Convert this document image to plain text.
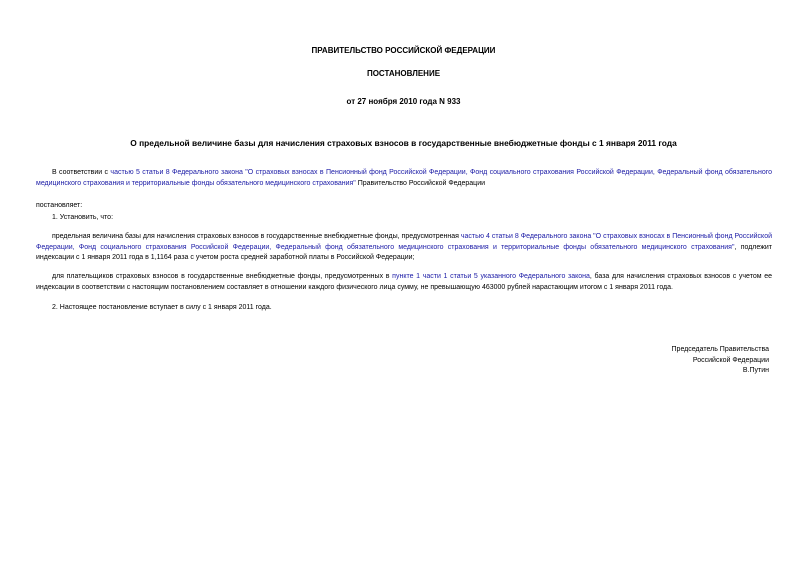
ПРАВИТЕЛЬСТВО РОССИЙСКОЙ ФЕДЕРАЦИИ
ПОСТАНОВЛЕНИЕ
от 27 ноября 2010 года N 933
О предельной величине базы для начисления страховых взносов в государственные внебюджетные фонды с 1 января 2011 года
В соответствии с частью 5 статьи 8 Федерального закона "О страховых взносах в Пенсионный фонд Российской Федерации, Фонд социального страхования Российской Федерации, Федеральный фонд обязательного медицинского страхования и территориальные фонды обязательного медицинского страхования" Правительство Российской Федерации
постановляет:
1. Установить, что:
предельная величина базы для начисления страховых взносов в государственные внебюджетные фонды, предусмотренная частью 4 статьи 8 Федерального закона "О страховых взносах в Пенсионный фонд Российской Федерации, Фонд социального страхования Российской Федерации, Федеральный фонд обязательного медицинского страхования и территориальные фонды обязательного медицинского страхования", подлежит индексации с 1 января 2011 года в 1,1164 раза с учетом роста средней заработной платы в Российской Федерации;
для плательщиков страховых взносов в государственные внебюджетные фонды, предусмотренных в пункте 1 части 1 статьи 5 указанного Федерального закона, база для начисления страховых взносов с учетом ее индексации в соответствии с настоящим постановлением составляет в отношении каждого физического лица сумму, не превышающую 463000 рублей нарастающим итогом с 1 января 2011 года.
2. Настоящее постановление вступает в силу с 1 января 2011 года.
Председатель Правительства
Российской Федерации
В.Путин
